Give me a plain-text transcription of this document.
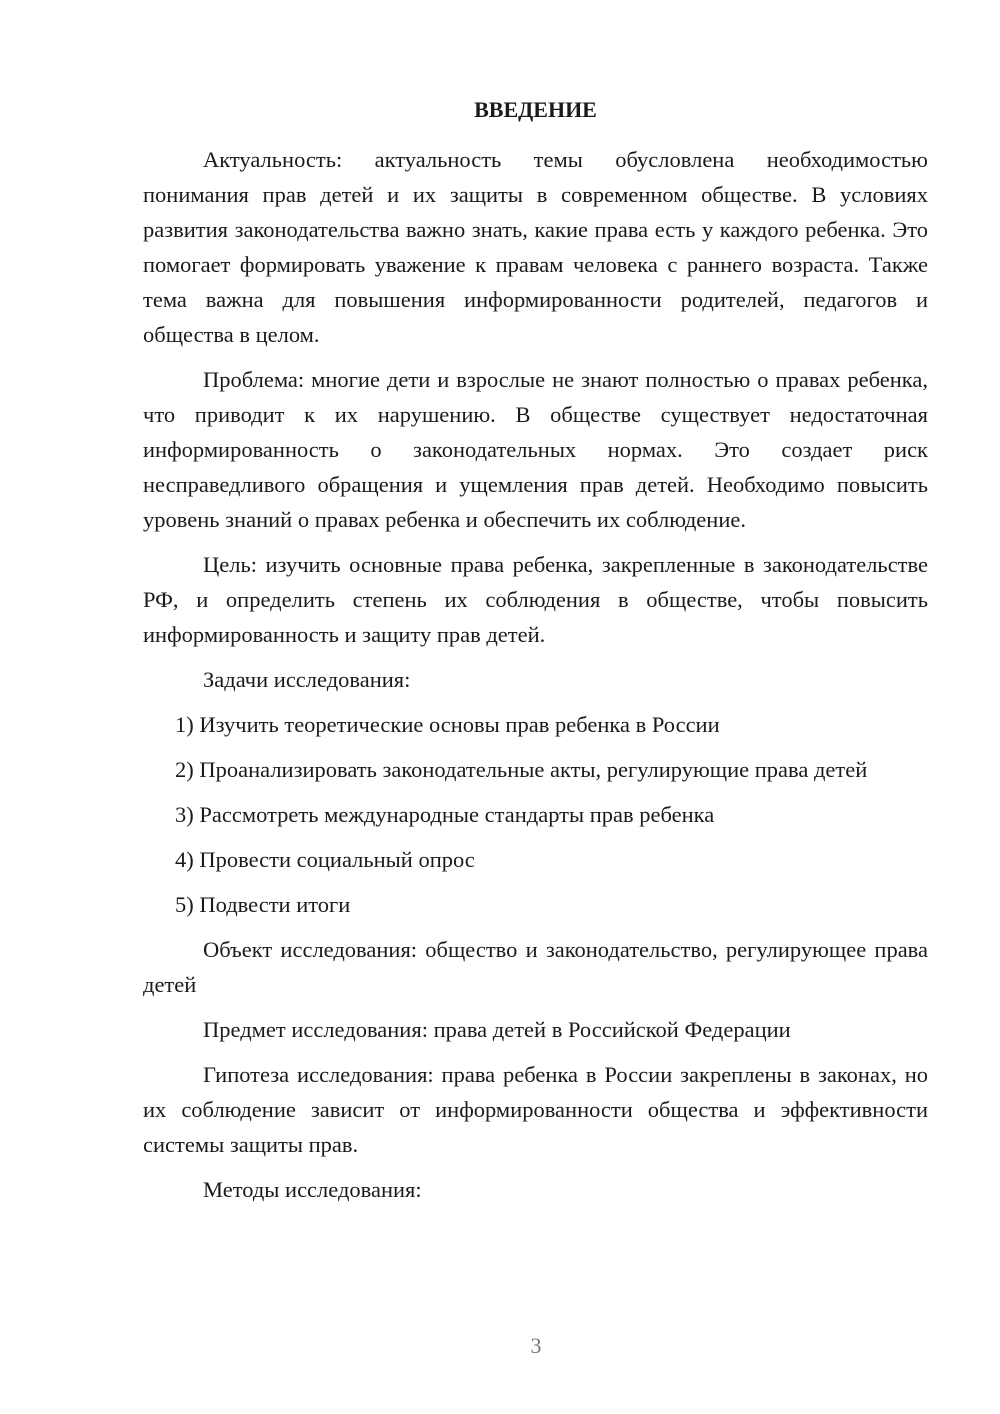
ВВЕДЕНИЕ

Актуальность: актуальность темы обусловлена необходимостью понимания прав детей и их защиты в современном обществе. В условиях развития законодательства важно знать, какие права есть у каждого ребенка. Это помогает формировать уважение к правам человека с раннего возраста. Также тема важна для повышения информированности родителей, педагогов и общества в целом.

Проблема: многие дети и взрослые не знают полностью о правах ребенка, что приводит к их нарушению. В обществе существует недостаточная информированность о законодательных нормах. Это создает риск несправедливого обращения и ущемления прав детей. Необходимо повысить уровень знаний о правах ребенка и обеспечить их соблюдение.

Цель: изучить основные права ребенка, закрепленные в законодательстве РФ, и определить степень их соблюдения в обществе, чтобы повысить информированность и защиту прав детей.

Задачи исследования:

1) Изучить теоретические основы прав ребенка в России

2) Проанализировать законодательные акты, регулирующие права детей

3) Рассмотреть международные стандарты прав ребенка

4) Провести социальный опрос

5) Подвести итоги

Объект исследования: общество и законодательство, регулирующее права детей

Предмет исследования: права детей в Российской Федерации

Гипотеза исследования: права ребенка в России закреплены в законах, но их соблюдение зависит от информированности общества и эффективности системы защиты прав.

Методы исследования:

3
